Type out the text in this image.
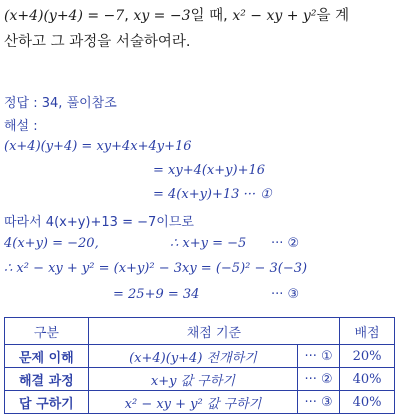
(x+4)(y+4) = −7, xy = −3일 때, x² − xy + y²을 계
산하고 그 과정을 서술하여라.
정답 : 34, 풀이참조
해설 :
(x+4)(y+4) = xy+4x+4y+16
= xy+4(x+y)+16
= 4(x+y)+13 ··· ①
따라서 4(x+y)+13 = −7이므로
4(x+y) = −20,	∴ x+y = −5 ··· ②
∴ x² − xy + y² = (x+y)² − 3xy = (−5)² − 3(−3)
= 25+9 = 34	··· ③
구분	채점 기준		배점
문제 이해	(x+4)(y+4) 전개하기	··· ①	20%
해결 과정	x+y 값 구하기	··· ②	40%
답 구하기	x² − xy + y² 값 구하기	··· ③	40%
